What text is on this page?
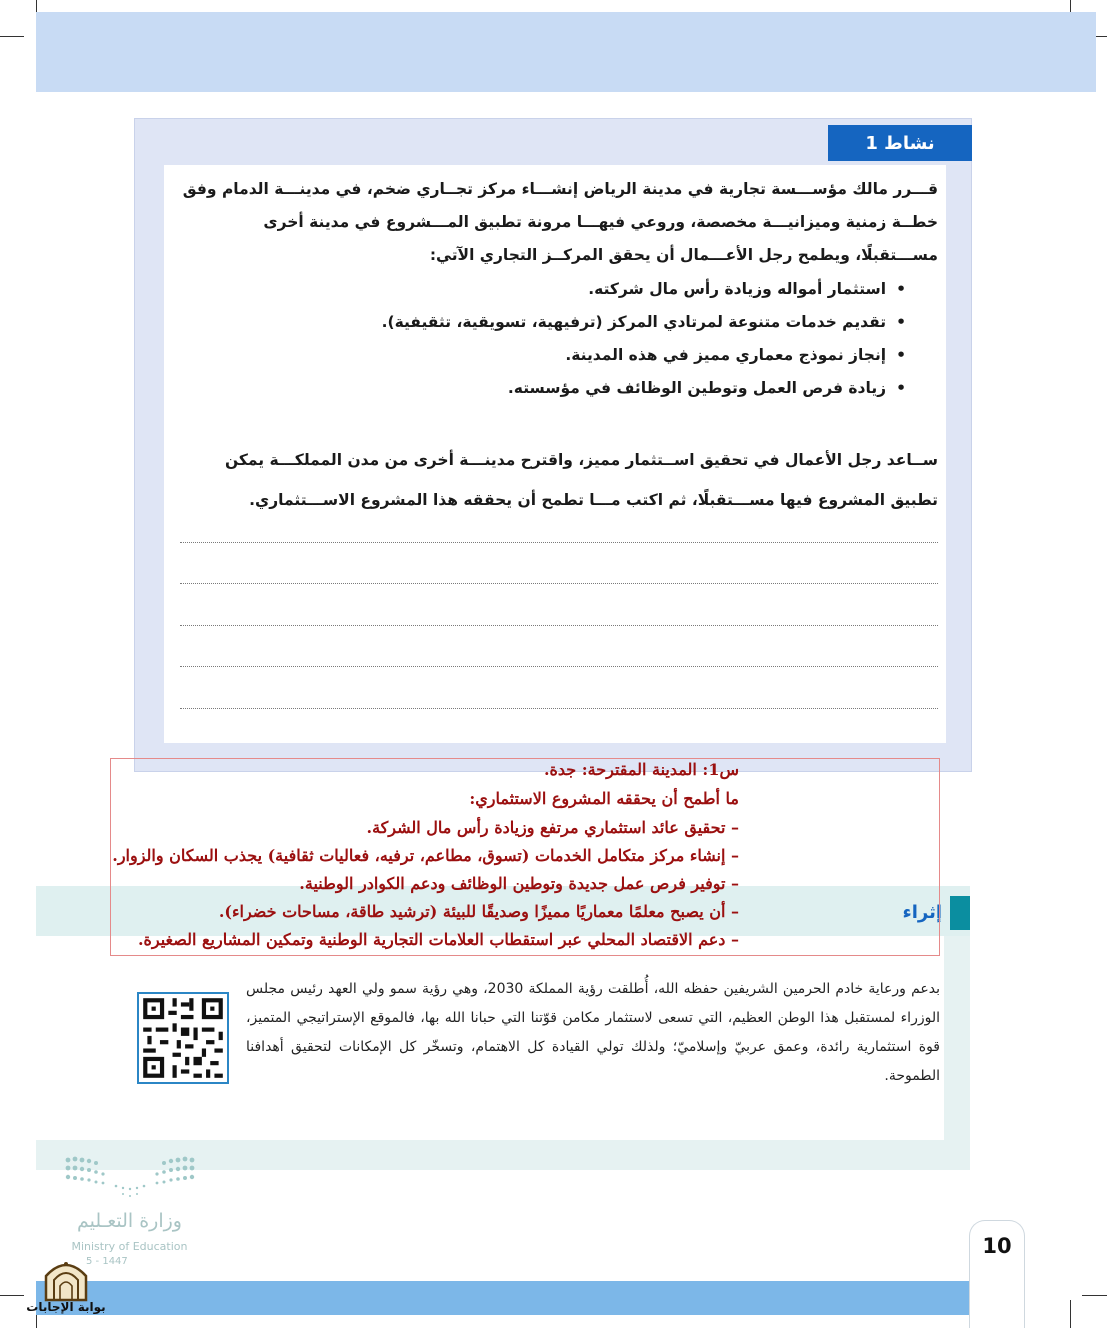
نشاط 1
قـــرر مالك مؤســـسة تجارية في مدينة الرياض إنشـــاء مركز تجــاري ضخم، في مدينـــة الدمام وفق خطــة زمنية وميزانيـــة مخصصة، وروعي فيهـــا مرونة تطبيق المـــشروع في مدينة أخرى مســـتقبلًا، ويطمح رجل الأعـــمال أن يحقق المركــز التجاري الآتي:
• استثمار أمواله وزيادة رأس مال شركته.
• تقديم خدمات متنوعة لمرتادي المركز (ترفيهية، تسويقية، تثقيفية).
• إنجاز نموذج معماري مميز في هذه المدينة.
• زيادة فرص العمل وتوطين الوظائف في مؤسسته.
ســاعد رجل الأعمال في تحقيق اســتثمار مميز، واقترح مدينـــة أخرى من مدن المملكـــة يمكن تطبيق المشروع فيها مســـتقبلًا، ثم اكتب مـــا تطمح أن يحققه هذا المشروع الاســـتثماري.
إثراء
بدعم ورعاية خادم الحرمين الشريفين حفظه الله، أُطلقت رؤية المملكة 2030، وهي رؤية سمو ولي العهد رئيس مجلس الوزراء لمستقبل هذا الوطن العظيم، التي تسعى لاستثمار مكامن قوّتنا التي حبانا الله بها، فالموقع الإستراتيجي المتميز، قوة استثمارية رائدة، وعمق عربيّ وإسلاميّ؛ ولذلك تولي القيادة كل الاهتمام، وتسخّر كل الإمكانات لتحقيق أهدافنا الطموحة.
س1: المدينة المقترحة: جدة.
ما أطمح أن يحققه المشروع الاستثماري:
– تحقيق عائد استثماري مرتفع وزيادة رأس مال الشركة.
– إنشاء مركز متكامل الخدمات (تسوق، مطاعم، ترفيه، فعاليات ثقافية) يجذب السكان والزوار.
– توفير فرص عمل جديدة وتوطين الوظائف ودعم الكوادر الوطنية.
– أن يصبح معلمًا معماريًا مميزًا وصديقًا للبيئة (ترشيد طاقة، مساحات خضراء).
– دعم الاقتصاد المحلي عبر استقطاب العلامات التجارية الوطنية وتمكين المشاريع الصغيرة.
وزارة التعـليم
Ministry of Education
5 - 1447
10
بوابة الإجابات
